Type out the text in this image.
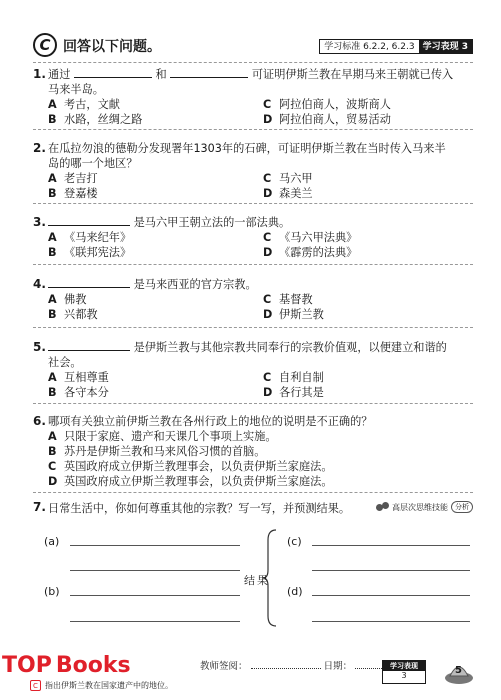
C 回答以下问题。	学习标准 6.2.2, 6.2.3 学习表现 3
1. 通过	和	可证明伊斯兰教在早期马来王朝就已传入
马来半岛。
A 考古，文献	C 阿拉伯商人，波斯商人
B 水路，丝绸之路	D 阿拉伯商人，贸易活动
2. 在瓜拉勿浪的德勒分发现署年1303年的石碑，可证明伊斯兰教在当时传入马来半
岛的哪一个地区？
A 老吉打	C 马六甲
B 登嘉楼	D 森美兰
3.	是马六甲王朝立法的一部法典。
A 《马来纪年》	C 《马六甲法典》
B 《联邦宪法》	D 《霹雳的法典》
4.	是马来西亚的官方宗教。
A 佛教	C 基督教
B 兴都教	D 伊斯兰教
5.	是伊斯兰教与其他宗教共同奉行的宗教价值观，以便建立和谐的
社会。
A 互相尊重	C 自利自制
B 各守本分	D 各行其是
6. 哪项有关独立前伊斯兰教在各州行政上的地位的说明是不正确的？
A 只限于家庭、遗产和天课几个事项上实施。
B 苏丹是伊斯兰教和马来风俗习惯的首脑。
C 英国政府成立伊斯兰教理事会，以负责伊斯兰家庭法。
D 英国政府成立伊斯兰教理事会，以负责伊斯兰家庭法。
7. 日常生活中，你如何尊重其他的宗教？写一写，并预测结果。	高层次思维技能	分析
(a)
(b)
结果
(c)
(d)
TOP Books	教师签阅：	日期：	学习表现
3	5
C 指出伊斯兰教在国家遗产中的地位。
